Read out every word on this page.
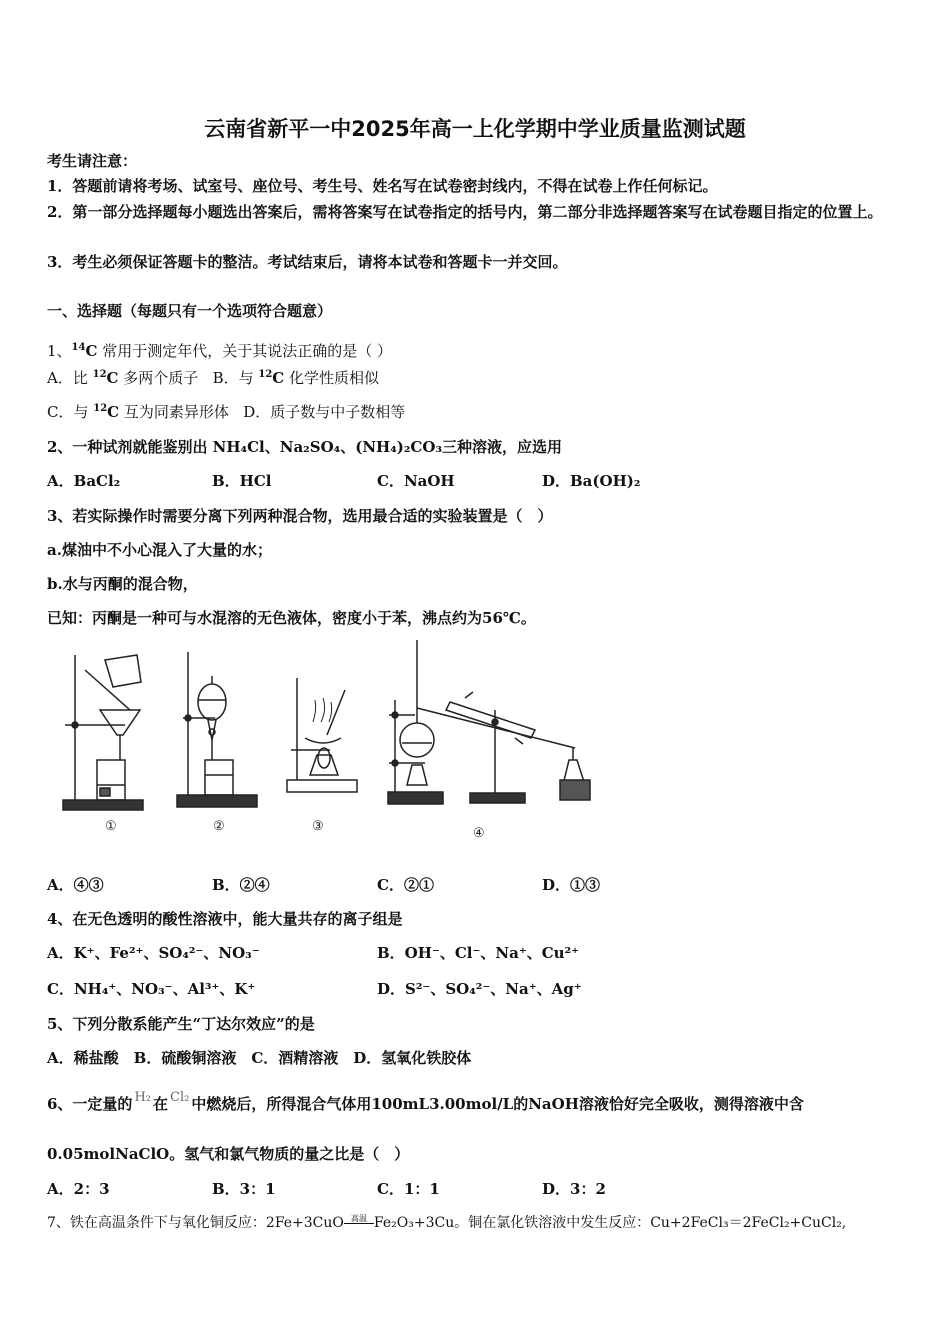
云南省新平一中2025年高一上化学期中学业质量监测试题
考生请注意：
1．答题前请将考场、试室号、座位号、考生号、姓名写在试卷密封线内，不得在试卷上作任何标记。
2．第一部分选择题每小题选出答案后，需将答案写在试卷指定的括号内，第二部分非选择题答案写在试卷题目指定的位置上。
3．考生必须保证答题卡的整洁。考试结束后，请将本试卷和答题卡一并交回。
一、选择题（每题只有一个选项符合题意）
1、$^{14}$C 常用于测定年代，关于其说法正确的是（ ）
A．比 $^{12}$C 多两个质子 B．与 $^{12}$C 化学性质相似
C．与 $^{12}$C 互为同素异形体 D．质子数与中子数相等
2、一种试剂就能鉴别出 NH₄Cl、Na₂SO₄、(NH₄)₂CO₃三种溶液，应选用
A．BaCl₂	B．HCl	C．NaOH	D．Ba(OH)₂
3、若实际操作时需要分离下列两种混合物，选用最合适的实验装置是（　）
a.煤油中不小心混入了大量的水；
b.水与丙酮的混合物，
已知：丙酮是一种可与水混溶的无色液体，密度小于苯，沸点约为56℃。
①	②	③	④
A．④③	B．②④	C．②①	D．①③
4、在无色透明的酸性溶液中，能大量共存的离子组是
A．K⁺、Fe²⁺、SO₄²⁻、NO₃⁻	B．OH⁻、Cl⁻、Na⁺、Cu²⁺
C．NH₄⁺、NO₃⁻、Al³⁺、K⁺	D．S²⁻、SO₄²⁻、Na⁺、Ag⁺
5、下列分散系能产生“丁达尔效应”的是
A．稀盐酸　B．硫酸铜溶液　C．酒精溶液　D．氢氧化铁胶体
6、一定量的 H₂ 在 Cl₂ 中燃烧后，所得混合气体用100mL3.00mol/L的NaOH溶液恰好完全吸收，测得溶液中含
0.05molNaClO。氢气和氯气物质的量之比是（　）
A．2：3	B．3：1	C．1：1	D．3：2
7、铁在高温条件下与氧化铜反应：2Fe+3CuO 高温 Fe₂O₃+3Cu。铜在氯化铁溶液中发生反应：Cu+2FeCl₃＝2FeCl₂+CuCl₂,
